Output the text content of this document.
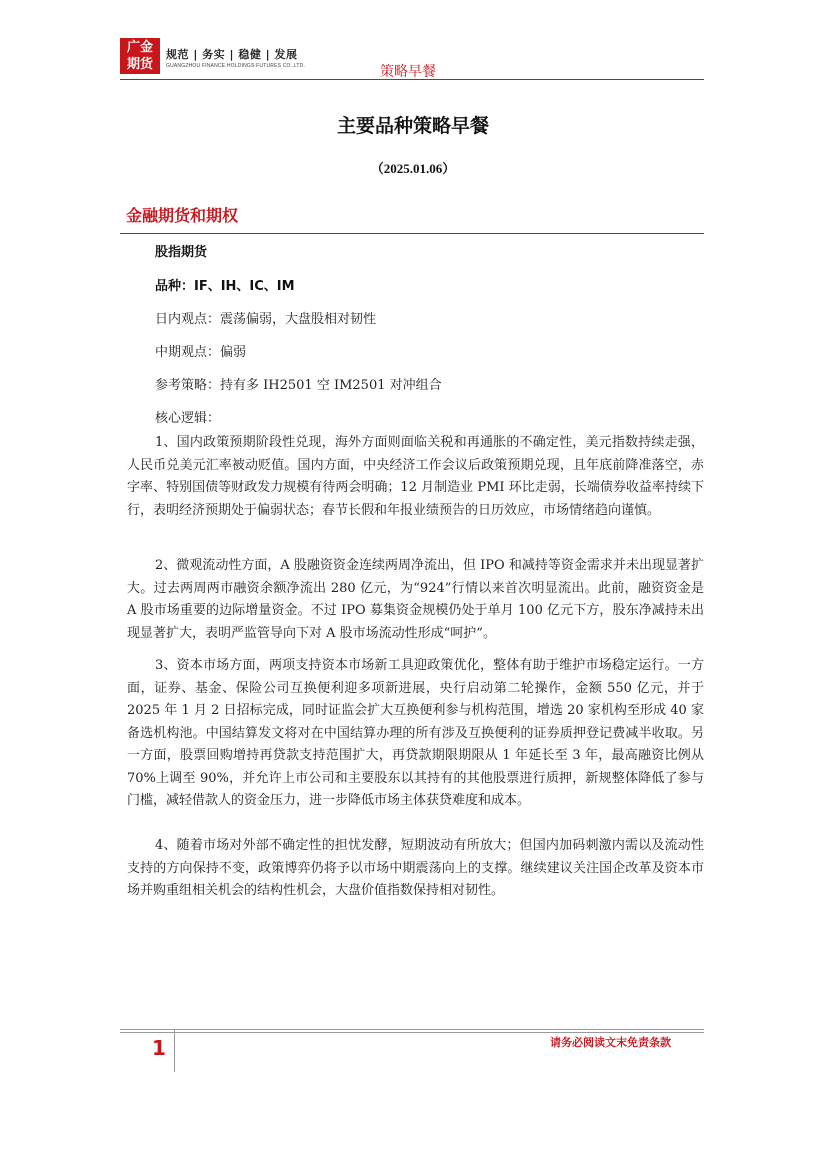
广金
期货
规范 | 务实 | 稳健 | 发展
GUANGZHOU FINANCE HOLDINGS FUTURES CO.,LTD.	策略早餐
主要品种策略早餐
（2025.01.06）
金融期货和期权
股指期货
品种：IF、IH、IC、IM
日内观点：震荡偏弱，大盘股相对韧性
中期观点：偏弱
参考策略：持有多 IH2501 空 IM2501 对冲组合
核心逻辑：
1、国内政策预期阶段性兑现，海外方面则面临关税和再通胀的不确定性，美元指数持续走强，人民币兑美元汇率被动贬值。国内方面，中央经济工作会议后政策预期兑现，且年底前降准落空，赤字率、特别国债等财政发力规模有待两会明确；12 月制造业 PMI 环比走弱，长端债券收益率持续下行，表明经济预期处于偏弱状态；春节长假和年报业绩预告的日历效应，市场情绪趋向谨慎。
2、微观流动性方面，A 股融资资金连续两周净流出，但 IPO 和减持等资金需求并未出现显著扩大。过去两周两市融资余额净流出 280 亿元，为“924”行情以来首次明显流出。此前，融资资金是 A 股市场重要的边际增量资金。不过 IPO 募集资金规模仍处于单月 100 亿元下方，股东净减持未出现显著扩大，表明严监管导向下对 A 股市场流动性形成“呵护”。
3、资本市场方面，两项支持资本市场新工具迎政策优化，整体有助于维护市场稳定运行。一方面，证券、基金、保险公司互换便利迎多项新进展，央行启动第二轮操作，金额 550 亿元，并于 2025 年 1 月 2 日招标完成，同时证监会扩大互换便利参与机构范围，增选 20 家机构至形成 40 家备选机构池。中国结算发文将对在中国结算办理的所有涉及互换便利的证券质押登记费减半收取。另一方面，股票回购增持再贷款支持范围扩大，再贷款期限期限从 1 年延长至 3 年，最高融资比例从 70%上调至 90%，并允许上市公司和主要股东以其持有的其他股票进行质押，新规整体降低了参与门槛，减轻借款人的资金压力，进一步降低市场主体获贷难度和成本。
4、随着市场对外部不确定性的担忧发酵，短期波动有所放大；但国内加码刺激内需以及流动性支持的方向保持不变，政策博弈仍将予以市场中期震荡向上的支撑。继续建议关注国企改革及资本市场并购重组相关机会的结构性机会，大盘价值指数保持相对韧性。
1	请务必阅读文末免责条款
